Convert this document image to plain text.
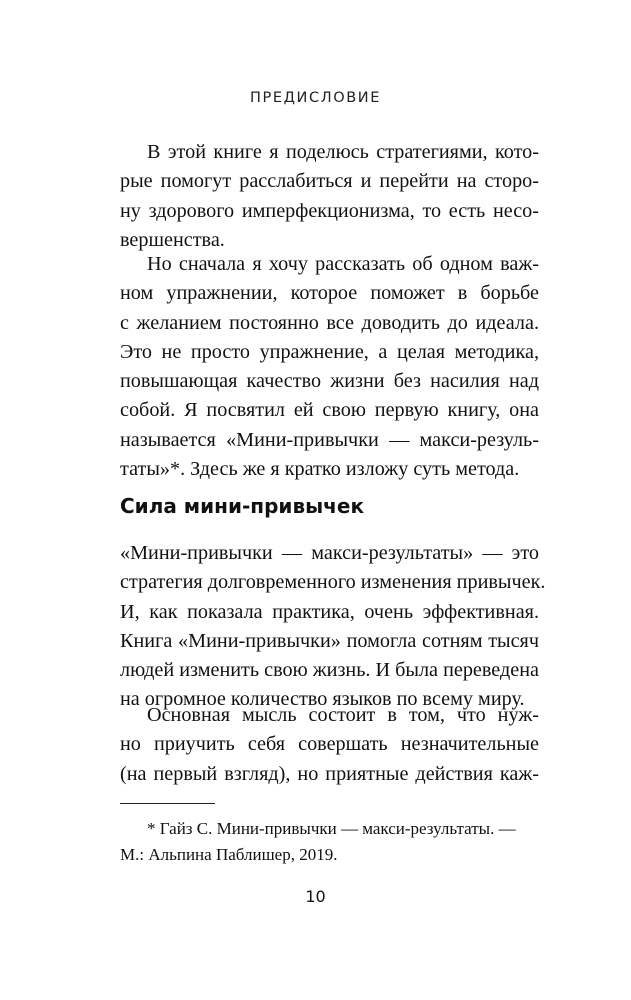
ПРЕДИСЛОВИЕ
В этой книге я поделюсь стратегиями, кото-
рые помогут расслабиться и перейти на сторо-
ну здорового имперфекционизма, то есть несо-
вершенства.
Но сначала я хочу рассказать об одном важ-
ном упражнении, которое поможет в борьбе
с желанием постоянно все доводить до идеала.
Это не просто упражнение, а целая методика,
повышающая качество жизни без насилия над
собой. Я посвятил ей свою первую книгу, она
называется «Мини-привычки — макси-резуль-
таты»*. Здесь же я кратко изложу суть метода.
Сила мини-привычек
«Мини-привычки — макси-результаты» — это
стратегия долговременного изменения привычек.
И, как показала практика, очень эффективная.
Книга «Мини-привычки» помогла сотням тысяч
людей изменить свою жизнь. И была переведена
на огромное количество языков по всему миру.
Основная мысль состоит в том, что нуж-
но приучить себя совершать незначительные
(на первый взгляд), но приятные действия каж-
* Гайз С. Мини-привычки — макси-результаты. —
М.: Альпина Паблишер, 2019.
10
